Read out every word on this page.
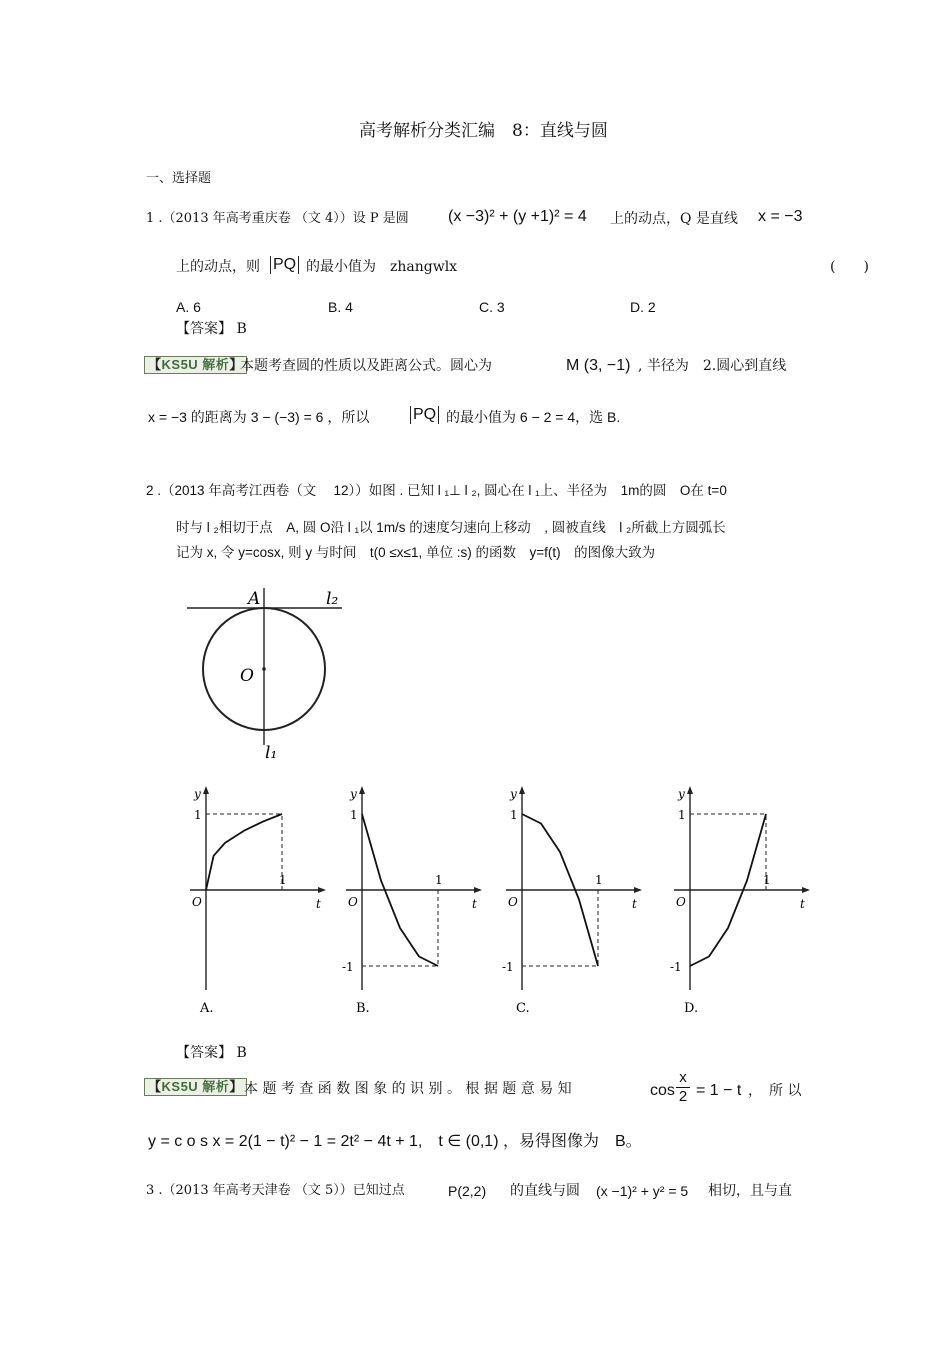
高考解析分类汇编　8：直线与圆
一、选择题
1 .（2013 年高考重庆卷 （文 4））设 P 是圆 (x −3)² + (y +1)² = 4 上的动点，Q 是直线 x = −3
上的动点，则 PQ 的最小值为　zhangwlx	(　　)
A. 6	B. 4	C. 3	D. 2
【答案】 B
【KS5U 解析】
本题考查圆的性质以及距离公式。圆心为	M (3, −1) , 半径为　2.圆心到直线
x = −3 的距离为 3 − (−3) = 6 ，所以	PQ 的最小值为 6 − 2 = 4，选 B.
2 .（2013 年高考江西卷（文　 12））如图 . 已知 l ₁⊥ l ₂, 圆心在 l ₁上、半径为　1m的圆　O在 t=0
时与 l ₂相切于点　A, 圆 O沿 l ₁以 1m/s 的速度匀速向上移动　, 圆被直线　l ₂所截上方圆弧长
记为 x, 令 y=cosx, 则 y 与时间　t(0 ≤x≤1, 单位 :s) 的函数　y=f(t)　的图像大致为
A	l₂
O
l₁
y
t
O
1
1
A.
y
t
O
1
1
-1
B.
y
t
O
1
1
-1
C.
y
t
O
1
1
-1
D.
【答案】 B
【KS5U 解析】 本 题 考 查 函 数 图 象 的 识 别 。 根 据 题 意 易 知	cos
x
2 = 1 − t ，　所 以
y = c o s x = 2(1 − t)² − 1 = 2t² − 4t + 1,　t ∈ (0,1) ，易得图像为　B。
3 .（2013 年高考天津卷 （文 5））已知过点	P(2,2) 的直线与圆 (x −1)² + y² = 5 相切，且与直
